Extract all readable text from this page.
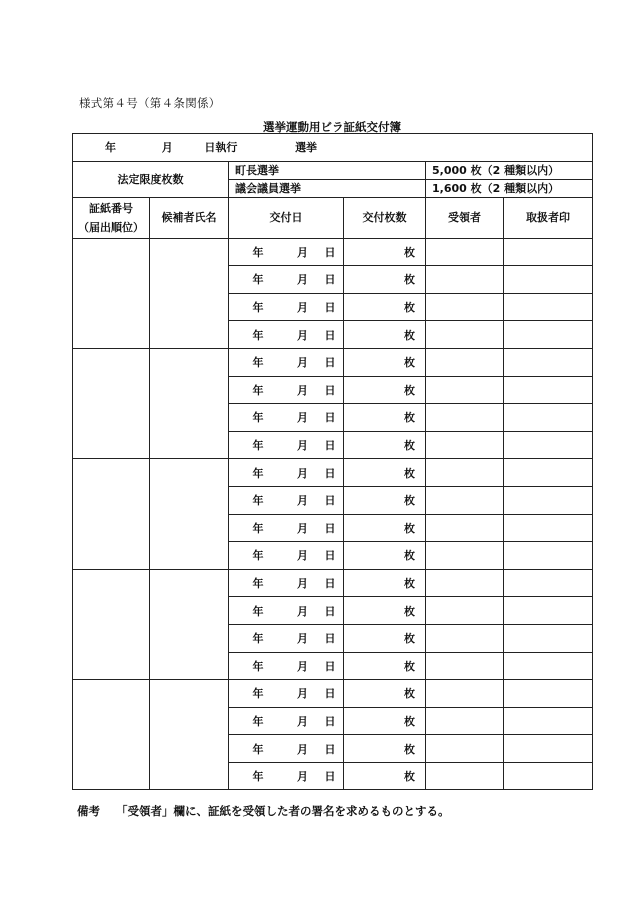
様式第４号（第４条関係）
選挙運動用ビラ証紙交付簿
年 月 日執行 選挙					
法定限度枚数		町長選挙		5,000 枚（2 種類以内）	
		議会議員選挙		1,600 枚（2 種類以内）	
証紙番号
（届出順位）	候補者氏名	交付日	交付枚数	受領者	取扱者印
		年 月 日	枚		
		年 月 日	枚		
		年 月 日	枚		
		年 月 日	枚		
		年 月 日	枚		
		年 月 日	枚		
		年 月 日	枚		
		年 月 日	枚		
		年 月 日	枚		
		年 月 日	枚		
		年 月 日	枚		
		年 月 日	枚		
		年 月 日	枚		
		年 月 日	枚		
		年 月 日	枚		
		年 月 日	枚		
		年 月 日	枚		
		年 月 日	枚		
		年 月 日	枚		
		年 月 日	枚		
備考 「受領者」欄に、証紙を受領した者の署名を求めるものとする。
